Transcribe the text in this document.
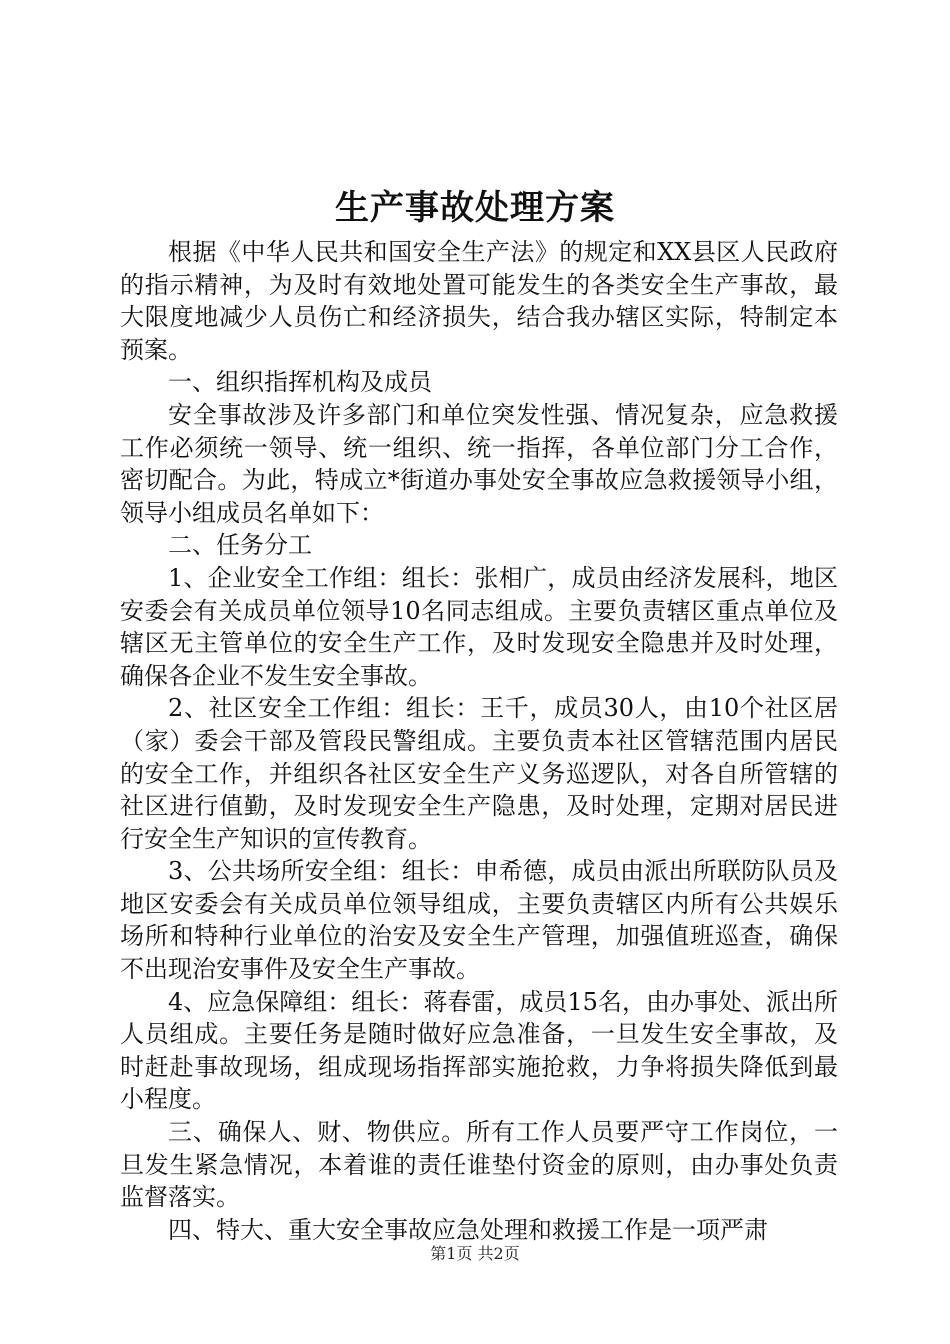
生产事故处理方案

根据《中华人民共和国安全生产法》的规定和XX县区人民政府的指示精神，为及时有效地处置可能发生的各类安全生产事故，最大限度地减少人员伤亡和经济损失，结合我办辖区实际，特制定本预案。

一、组织指挥机构及成员

安全事故涉及许多部门和单位突发性强、情况复杂，应急救援工作必须统一领导、统一组织、统一指挥，各单位部门分工合作，密切配合。为此，特成立*街道办事处安全事故应急救援领导小组，领导小组成员名单如下：

二、任务分工

1、企业安全工作组：组长：张相广，成员由经济发展科，地区安委会有关成员单位领导10名同志组成。主要负责辖区重点单位及辖区无主管单位的安全生产工作，及时发现安全隐患并及时处理，确保各企业不发生安全事故。

2、社区安全工作组：组长：王千，成员30人，由10个社区居（家）委会干部及管段民警组成。主要负责本社区管辖范围内居民的安全工作，并组织各社区安全生产义务巡逻队，对各自所管辖的社区进行值勤，及时发现安全生产隐患，及时处理，定期对居民进行安全生产知识的宣传教育。

3、公共场所安全组：组长：申希德，成员由派出所联防队员及地区安委会有关成员单位领导组成，主要负责辖区内所有公共娱乐场所和特种行业单位的治安及安全生产管理，加强值班巡查，确保不出现治安事件及安全生产事故。

4、应急保障组：组长：蒋春雷，成员15名，由办事处、派出所人员组成。主要任务是随时做好应急准备，一旦发生安全事故，及时赶赴事故现场，组成现场指挥部实施抢救，力争将损失降低到最小程度。

三、确保人、财、物供应。所有工作人员要严守工作岗位，一旦发生紧急情况，本着谁的责任谁垫付资金的原则，由办事处负责监督落实。

四、特大、重大安全事故应急处理和救援工作是一项严肃

第1页 共2页
